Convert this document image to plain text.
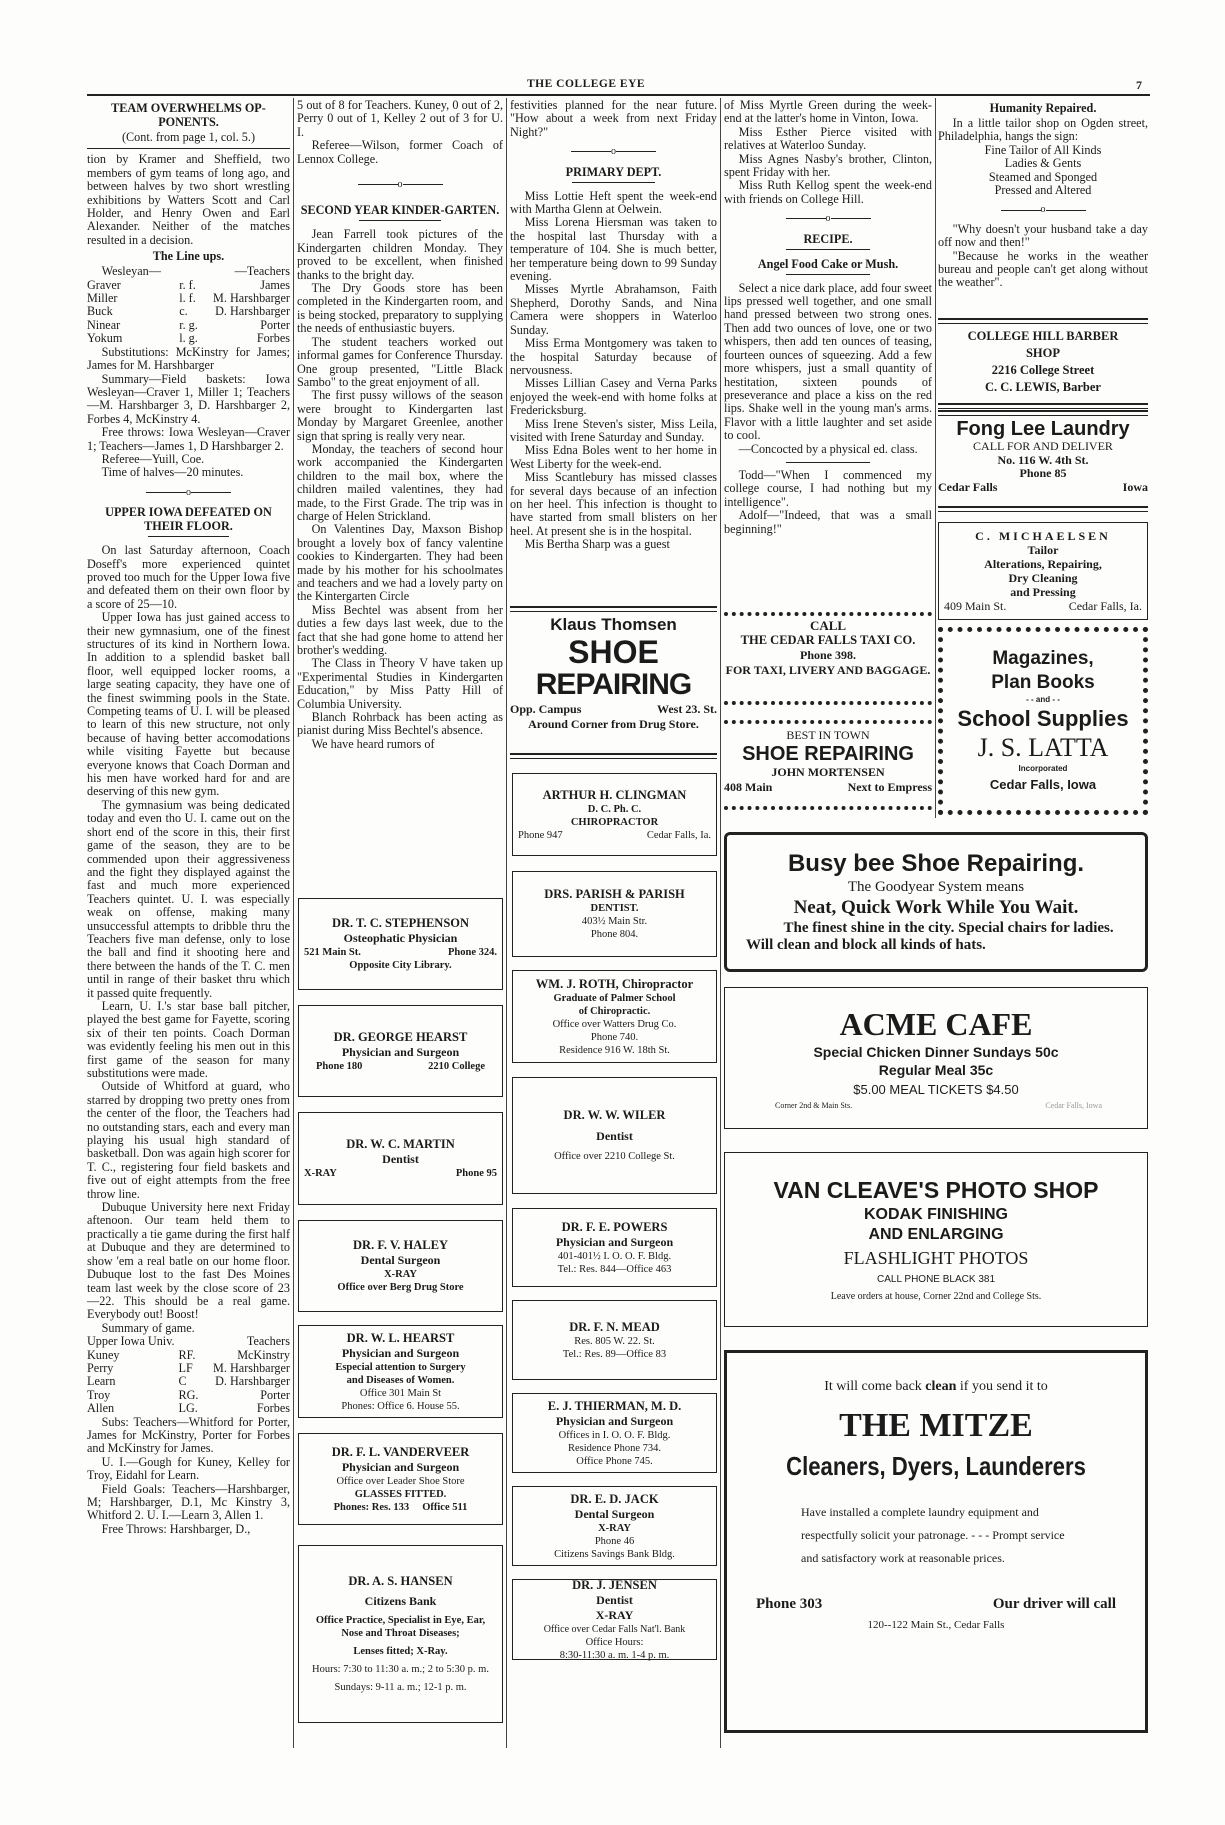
THE COLLEGE EYE	7
TEAM OVERWHELMS OP-PONENTS.
(Cont. from page 1, col. 5.)

tion by Kramer and Sheffield, two members of gym teams of long ago, and between halves by two short wrestling exhibitions by Watters Scott and Carl Holder, and Henry Owen and Earl Alexander. Neither of the matches resulted in a decision.

The Line ups.
Wesleyan—	—Teachers
Graver	r. f.	James
Miller	l. f.	M. Harshbarger
Buck	c.	D. Harshbarger
Ninear	r. g.	Porter
Yokum	l. g.	Forbes

Substitutions: McKinstry for James; James for M. Harshbarger

Summary—Field baskets: Iowa Wesleyan—Craver 1, Miller 1; Teachers—M. Harshbarger 3, D. Harshbarger 2, Forbes 4, McKinstry 4.

Free throws: Iowa Wesleyan—Craver 1; Teachers—James 1, D Harshbarger 2.

Referee—Yuill, Coe.

Time of halves—20 minutes.

o
UPPER IOWA DEFEATED ON THEIR FLOOR.

On last Saturday afternoon, Coach Doseff's more experienced quintet proved too much for the Upper Iowa five and defeated them on their own floor by a score of 25—10.

Upper Iowa has just gained access to their new gymnasium, one of the finest structures of its kind in Northern Iowa. In addition to a splendid basket ball floor, well equipped locker rooms, a large seating capacity, they have one of the finest swimming pools in the State. Competing teams of U. I. will be pleased to learn of this new structure, not only because of having better accomodations while visiting Fayette but because everyone knows that Coach Dorman and his men have worked hard for and are deserving of this new gym.

The gymnasium was being dedicated today and even tho U. I. came out on the short end of the score in this, their first game of the season, they are to be commended upon their aggressiveness and the fight they displayed against the fast and much more experienced Teachers quintet. U. I. was especially weak on offense, making many unsuccessful attempts to dribble thru the Teachers five man defense, only to lose the ball and find it shooting here and there between the hands of the T. C. men until in range of their basket thru which it passed quite frequently.

Learn, U. I.'s star base ball pitcher, played the best game for Fayette, scoring six of their ten points. Coach Dorman was evidently feeling his men out in this first game of the season for many substitutions were made.

Outside of Whitford at guard, who starred by dropping two pretty ones from the center of the floor, the Teachers had no outstanding stars, each and every man playing his usual high standard of basketball. Don was again high scorer for T. C., registering four field baskets and five out of eight attempts from the free throw line.

Dubuque University here next Friday aftenoon. Our team held them to practically a tie game during the first half at Dubuque and they are determined to show 'em a real batle on our home floor. Dubuque lost to the fast Des Moines team last week by the close score of 23—22. This should be a real game. Everybody out! Boost!

Summary of game.

Upper Iowa Univ.	Teachers
Kuney	RF.	McKinstry
Perry	LF	M. Harshbarger
Learn	C	D. Harshbarger
Troy	RG.	Porter
Allen	LG.	Forbes

Subs: Teachers—Whitford for Porter, James for McKinstry, Porter for Forbes and McKinstry for James.

U. I.—Gough for Kuney, Kelley for Troy, Eidahl for Learn.

Field Goals: Teachers—Harshbarger, M; Harshbarger, D.1, Mc Kinstry 3, Whitford 2. U. I.—Learn 3, Allen 1.

Free Throws: Harshbarger, D.,

5 out of 8 for Teachers. Kuney, 0 out of 2, Perry 0 out of 1, Kelley 2 out of 3 for U. I.

Referee—Wilson, former Coach of Lennox College.

o
SECOND YEAR KINDER-GARTEN.

Jean Farrell took pictures of the Kindergarten children Monday. They proved to be excellent, when finished thanks to the bright day.

The Dry Goods store has been completed in the Kindergarten room, and is being stocked, preparatory to supplying the needs of enthusiastic buyers.

The student teachers worked out informal games for Conference Thursday. One group presented, "Little Black Sambo" to the great enjoyment of all.

The first pussy willows of the season were brought to Kindergarten last Monday by Margaret Greenlee, another sign that spring is really very near.

Monday, the teachers of second hour work accompanied the Kindergarten children to the mail box, where the children mailed valentines, they had made, to the First Grade. The trip was in charge of Helen Strickland.

On Valentines Day, Maxson Bishop brought a lovely box of fancy valentine cookies to Kindergarten. They had been made by his mother for his schoolmates and teachers and we had a lovely party on the Kintergarten Circle

Miss Bechtel was absent from her duties a few days last week, due to the fact that she had gone home to attend her brother's wedding.

The Class in Theory V have taken up "Experimental Studies in Kindergarten Education," by Miss Patty Hill of Columbia University.

Blanch Rohrback has been acting as pianist during Miss Bechtel's absence.

We have heard rumors of

DR. T. C. STEPHENSON
Osteophatic Physician
521 Main St.	Phone 324.
Opposite City Library.
DR. GEORGE HEARST
Physician and Surgeon
Phone 180	2210 College
DR. W. C. MARTIN
Dentist
X-RAY	Phone 95
DR. F. V. HALEY
Dental Surgeon
X-RAY
Office over Berg Drug Store
DR. W. L. HEARST
Physician and Surgeon
Especial attention to Surgery
and Diseases of Women.
Office 301 Main St
Phones: Office 6. House 55.
DR. F. L. VANDERVEER
Physician and Surgeon
Office over Leader Shoe Store
GLASSES FITTED.
Phones: Res. 133     Office 511
DR. A. S. HANSEN
Citizens Bank
Office Practice, Specialist in Eye, Ear, Nose and Throat Diseases;
Lenses fitted; X-Ray.
Hours: 7:30 to 11:30 a. m.; 2 to 5:30 p. m.
Sundays: 9-11 a. m.; 12-1 p. m.

festivities planned for the near future. "How about a week from next Friday Night?"

o
PRIMARY DEPT.

Miss Lottie Heft spent the week-end with Martha Glenn at Oelwein.

Miss Lorena Hiersman was taken to the hospital last Thursday with a temperature of 104. She is much better, her temperature being down to 99 Sunday evening.

Misses Myrtle Abrahamson, Faith Shepherd, Dorothy Sands, and Nina Camera were shoppers in Waterloo Sunday.

Miss Erma Montgomery was taken to the hospital Saturday because of nervousness.

Misses Lillian Casey and Verna Parks enjoyed the week-end with home folks at Fredericksburg.

Miss Irene Steven's sister, Miss Leila, visited with Irene Saturday and Sunday.

Miss Edna Boles went to her home in West Liberty for the week-end.

Miss Scantlebury has missed classes for several days because of an infection on her heel. This infection is thought to have started from small blisters on her heel. At present she is in the hospital.

Mis Bertha Sharp was a guest

Klaus Thomsen
SHOE
REPAIRING
Opp. Campus	West 23. St.
Around Corner from Drug Store.
ARTHUR H. CLINGMAN
D. C. Ph. C.
CHIROPRACTOR
Phone 947	Cedar Falls, Ia.
DRS. PARISH & PARISH
DENTIST.
403½ Main Str.
Phone 804.
WM. J. ROTH, Chiropractor
Graduate of Palmer School
of Chiropractic.
Office over Watters Drug Co.
Phone 740.
Residence 916 W. 18th St.
DR. W. W. WILER
Dentist
Office over 2210 College St.
DR. F. E. POWERS
Physician and Surgeon
401-401½ I. O. O. F. Bldg.
Tel.: Res. 844—Office 463
DR. F. N. MEAD
Res. 805 W. 22. St.
Tel.: Res. 89—Office 83
E. J. THIERMAN, M. D.
Physician and Surgeon
Offices in I. O. O. F. Bldg.
Residence Phone 734.
Office Phone 745.
DR. E. D. JACK
Dental Surgeon
X-RAY
Phone 46
Citizens Savings Bank Bldg.
DR. J. JENSEN
Dentist
X-RAY
Office over Cedar Falls Nat'l. Bank
Office Hours:
8:30-11:30 a. m. 1-4 p. m.

of Miss Myrtle Green during the week-end at the latter's home in Vinton, Iowa.

Miss Esther Pierce visited with relatives at Waterloo Sunday.

Miss Agnes Nasby's brother, Clinton, spent Friday with her.

Miss Ruth Kellog spent the week-end with friends on College Hill.

o
RECIPE.
Angel Food Cake or Mush.

Select a nice dark place, add four sweet lips pressed well together, and one small hand pressed between two strong ones. Then add two ounces of love, one or two whispers, then add ten ounces of teasing, fourteen ounces of squeezing. Add a few more whispers, just a small quantity of hestitation, sixteen pounds of preseverance and place a kiss on the red lips. Shake well in the young man's arms. Flavor with a little laughter and set aside to cool.

—Concocted by a physical ed. class.

Todd—"When I commenced my college course, I had nothing but my intelligence".

Adolf—"Indeed, that was a small beginning!"

CALL
THE CEDAR FALLS TAXI CO.
Phone 398.
FOR TAXI, LIVERY AND BAGGAGE.
BEST IN TOWN
SHOE REPAIRING
JOHN MORTENSEN
408 Main	Next to Empress
Humanity Repaired.

In a little tailor shop on Ogden street, Philadelphia, hangs the sign:

Fine Tailor of All Kinds
Ladies & Gents
Steamed and Sponged
Pressed and Altered
o

"Why doesn't your husband take a day off now and then!"

"Because he works in the weather bureau and people can't get along without the weather".

COLLEGE HILL BARBER SHOP
2216 College Street
C. C. LEWIS, Barber
Fong Lee Laundry
CALL FOR AND DELIVER
No. 116 W. 4th St.
Phone 85
Cedar Falls	Iowa
C. MICHAELSEN
Tailor
Alterations, Repairing,
Dry Cleaning
and Pressing
409 Main St.	Cedar Falls, Ia.
Magazines,
Plan Books
- - and - -
School Supplies
J. S. LATTA
Incorporated
Cedar Falls, Iowa
Busy bee Shoe Repairing.
The Goodyear System means
Neat, Quick Work While You Wait.
The finest shine in the city. Special chairs for ladies. Will clean and block all kinds of hats.
ACME CAFE
Special Chicken Dinner Sundays 50c
Regular Meal 35c
$5.00 MEAL TICKETS $4.50
Corner 2nd & Main Sts.	Cedar Falls, Iowa
VAN CLEAVE'S PHOTO SHOP
KODAK FINISHING
AND ENLARGING
FLASHLIGHT PHOTOS
CALL PHONE BLACK 381
Leave orders at house, Corner 22nd and College Sts.
It will come back clean if you send it to
THE MITZE
Cleaners, Dyers, Launderers
Have installed a complete laundry equipment and respectfully solicit your patronage. - - - Prompt service and satisfactory work at reasonable prices.
Phone 303	Our driver will call
120--122 Main St., Cedar Falls
